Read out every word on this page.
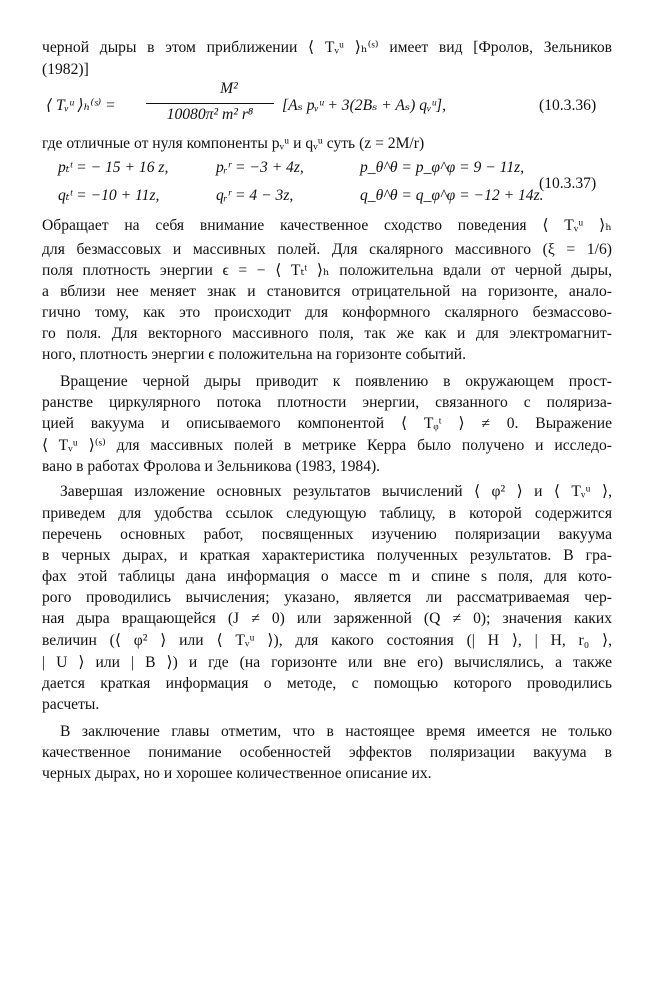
черной дыры в этом приближении ⟨ Tᵥᵘ ⟩ₕ⁽ˢ⁾ имеет вид [Фролов, Зельников
(1982)]
⟨ Tᵥᵘ ⟩ₕ⁽ˢ⁾ =
M²
10080π² m² r⁸
[Aₛ pᵥᵘ + 3(2Bₛ + Aₛ) qᵥᵘ],	(10.3.36)
где отличные от нуля компоненты pᵥᵘ и qᵥᵘ суть (z = 2M/r)
pₜᵗ = − 15 + 16 z,	pᵣʳ = −3 + 4z,	p_θ^θ = p_φ^φ = 9 − 11z,
qₜᵗ = −10 + 11z,	qᵣʳ = 4 − 3z,	q_θ^θ = q_φ^φ = −12 + 14z.
(10.3.37)
Обращает на себя внимание качественное сходство поведения ⟨ Tᵥᵘ ⟩ₕ
для безмассовых и массивных полей. Для скалярного массивного (ξ = 1/6)
поля плотность энергии ϵ = − ⟨ Tₜᵗ ⟩ₕ положительна вдали от черной дыры,
а вблизи нее меняет знак и становится отрицательной на горизонте, анало-
гично тому, как это происходит для конформного скалярного безмассово-
го поля. Для векторного массивного поля, так же как и для электромагнит-
ного, плотность энергии ϵ положительна на горизонте событий.
Вращение черной дыры приводит к появлению в окружающем прост-
ранстве циркулярного потока плотности энергии, связанного с поляриза-
цией вакуума и описываемого компонентой ⟨ Tᵩᵗ ⟩ ≠ 0. Выражение
⟨ Tᵥᵘ ⟩⁽ˢ⁾ для массивных полей в метрике Керра было получено и исследо-
вано в работах Фролова и Зельникова (1983, 1984).
Завершая изложение основных результатов вычислений ⟨ φ² ⟩ и ⟨ Tᵥᵘ ⟩,
приведем для удобства ссылок следующую таблицу, в которой содержится
перечень основных работ, посвященных изучению поляризации вакуума
в черных дырах, и краткая характеристика полученных результатов. В гра-
фах этой таблицы дана информация о массе m и спине s поля, для кото-
рого проводились вычисления; указано, является ли рассматриваемая чер-
ная дыра вращающейся (J ≠ 0) или заряженной (Q ≠ 0); значения каких
величин (⟨ φ² ⟩ или ⟨ Tᵥᵘ ⟩), для какого состояния (| H ⟩, | H, r₀ ⟩,
| U ⟩ или | B ⟩) и где (на горизонте или вне его) вычислялись, а также
дается краткая информация о методе, с помощью которого проводились
расчеты.
В заключение главы отметим, что в настоящее время имеется не только
качественное понимание особенностей эффектов поляризации вакуума в
черных дырах, но и хорошее количественное описание их.
